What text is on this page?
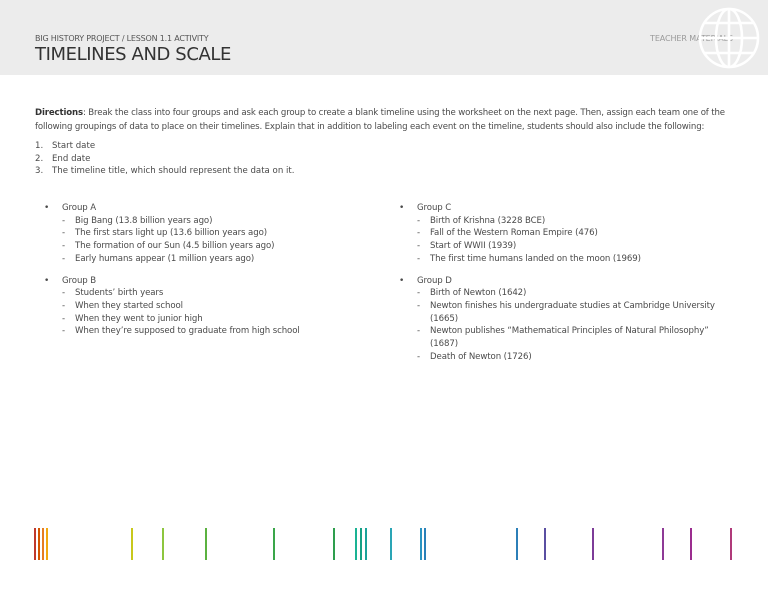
BIG HISTORY PROJECT / LESSON 1.1 ACTIVITY
TIMELINES AND SCALE
TEACHER MATERIALS
Directions: Break the class into four groups and ask each group to create a blank timeline using the worksheet on the next page. Then, assign each team one of the following groupings of data to place on their timelines. Explain that in addition to labeling each event on the timeline, students should also include the following:
1. Start date
2. End date
3. The timeline title, which should represent the data on it.
• Group A
- Big Bang (13.8 billion years ago)
- The first stars light up (13.6 billion years ago)
- The formation of our Sun (4.5 billion years ago)
- Early humans appear (1 million years ago)
• Group B
- Students’ birth years
- When they started school
- When they went to junior high
- When they’re supposed to graduate from high school
• Group C
- Birth of Krishna (3228 BCE)
- Fall of the Western Roman Empire (476)
- Start of WWII (1939)
- The first time humans landed on the moon (1969)
• Group D
- Birth of Newton (1642)
- Newton finishes his undergraduate studies at Cambridge University (1665)
- Newton publishes “Mathematical Principles of Natural Philosophy” (1687)
- Death of Newton (1726)
